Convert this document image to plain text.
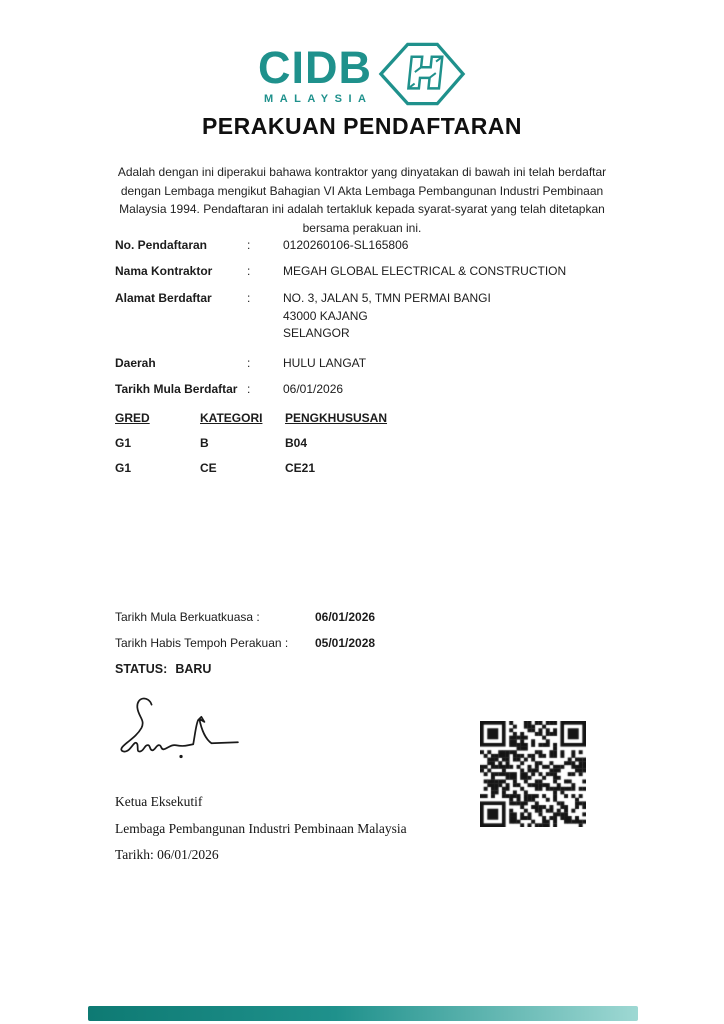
CIDB
MALAYSIA
PERAKUAN PENDAFTARAN
Adalah dengan ini diperakui bahawa kontraktor yang dinyatakan di bawah ini telah berdaftar dengan Lembaga mengikut Bahagian VI Akta Lembaga Pembangunan Industri Pembinaan Malaysia 1994. Pendaftaran ini adalah tertakluk kepada syarat-syarat yang telah ditetapkan bersama perakuan ini.
No. Pendaftaran	:	0120260106-SL165806
Nama Kontraktor	:	MEGAH GLOBAL ELECTRICAL & CONSTRUCTION
Alamat Berdaftar	:	NO. 3, JALAN 5, TMN PERMAI BANGI
43000 KAJANG
SELANGOR
Daerah	:	HULU LANGAT
Tarikh Mula Berdaftar :	06/01/2026
GRED	KATEGORI	PENGKHUSUSAN
G1	B	B04
G1	CE	CE21
Tarikh Mula Berkuatkuasa :	06/01/2026
Tarikh Habis Tempoh Perakuan :	05/01/2028
STATUS: BARU
Ketua Eksekutif
Lembaga Pembangunan Industri Pembinaan Malaysia
Tarikh: 06/01/2026
